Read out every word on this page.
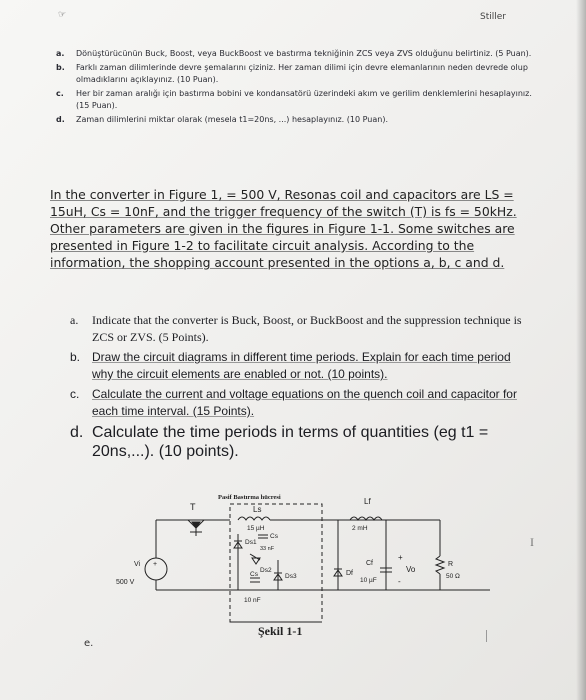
☞	Stiller
a.	Dönüştürücünün Buck, Boost, veya BuckBoost ve bastırma tekniğinin ZCS veya ZVS olduğunu belirtiniz. (5 Puan).
b.	Farklı zaman dilimlerinde devre şemalarını çiziniz. Her zaman dilimi için devre elemanlarının neden devrede olup olmadıklarını açıklayınız. (10 Puan).
c.	Her bir zaman aralığı için bastırma bobini ve kondansatörü üzerindeki akım ve gerilim denklemlerini hesaplayınız. (15 Puan).
d.	Zaman dilimlerini miktar olarak (mesela t1=20ns, ...) hesaplayınız. (10 Puan).
In the converter in Figure 1, = 500 V, Resonas coil and capacitors are LS = 15uH, Cs = 10nF, and the trigger frequency of the switch (T) is fs = 50kHz. Other parameters are given in the figures in Figure 1-1. Some switches are presented in Figure 1-2 to facilitate circuit analysis. According to the information, the shopping account presented in the options a, b, c and d.
a.	Indicate that the converter is Buck, Boost, or BuckBoost and the suppression technique is ZCS or ZVS. (5 Points).
b. Draw the circuit diagrams in different time periods. Explain for each time period why the circuit elements are enabled or not. (10 points).
c.	Calculate the current and voltage equations on the quench coil and capacitor for each time interval. (15 Points).
d. Calculate the time periods in terms of quantities (eg t1 = 20ns,...). (10 points).
Pasif Bastırma hücresi
+
Vi
500 V
T	Ls
15 µH
Ds1
Cs
33 nF
Ds2
Cs
10 nF
Ds3
Lf
2 mH
Df
Cf
10 µF
+
Vo
-
R
50 Ω
Şekil 1-1
e.
I
